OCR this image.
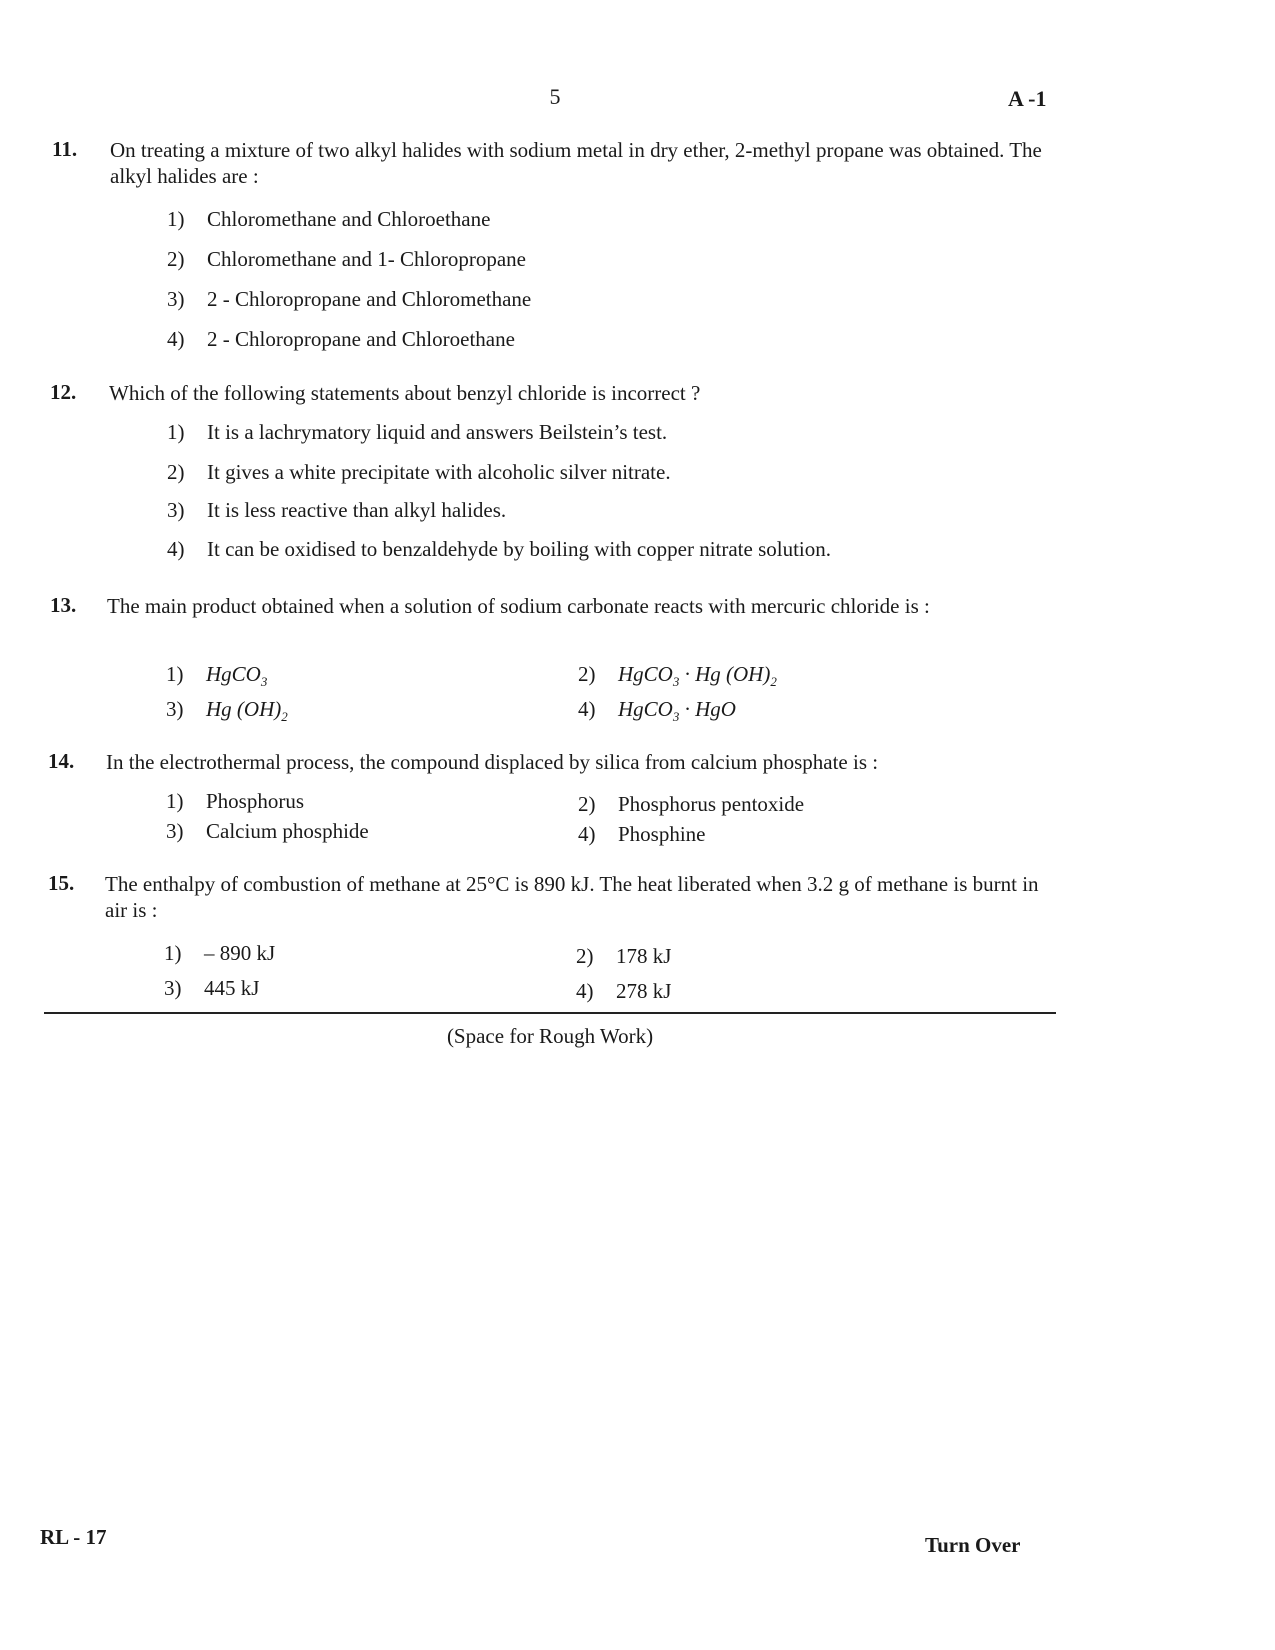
5	A -1
11. On treating a mixture of two alkyl halides with sodium metal in dry ether, 2-methyl propane was obtained. The alkyl halides are :
1) Chloromethane and Chloroethane
2) Chloromethane and 1- Chloropropane
3) 2 - Chloropropane and Chloromethane
4) 2 - Chloropropane and Chloroethane
12. Which of the following statements about benzyl chloride is incorrect ?
1) It is a lachrymatory liquid and answers Beilstein’s test.
2) It gives a white precipitate with alcoholic silver nitrate.
3) It is less reactive than alkyl halides.
4) It can be oxidised to benzaldehyde by boiling with copper nitrate solution.
13. The main product obtained when a solution of sodium carbonate reacts with mercuric chloride is :
1) HgCO$_3$	2) HgCO$_3$ · Hg $(OH)_2$
3) Hg $(OH)_2$	4) HgCO$_3$ · HgO
14. In the electrothermal process, the compound displaced by silica from calcium phosphate is :
1) Phosphorus	2) Phosphorus pentoxide
3) Calcium phosphide	4) Phosphine
15. The enthalpy of combustion of methane at 25°C is 890 kJ. The heat liberated when 3.2 g of methane is burnt in air is :
1) – 890 kJ	2) 178 kJ
3) 445 kJ	4) 278 kJ
(Space for Rough Work)
RL - 17	Turn Over
